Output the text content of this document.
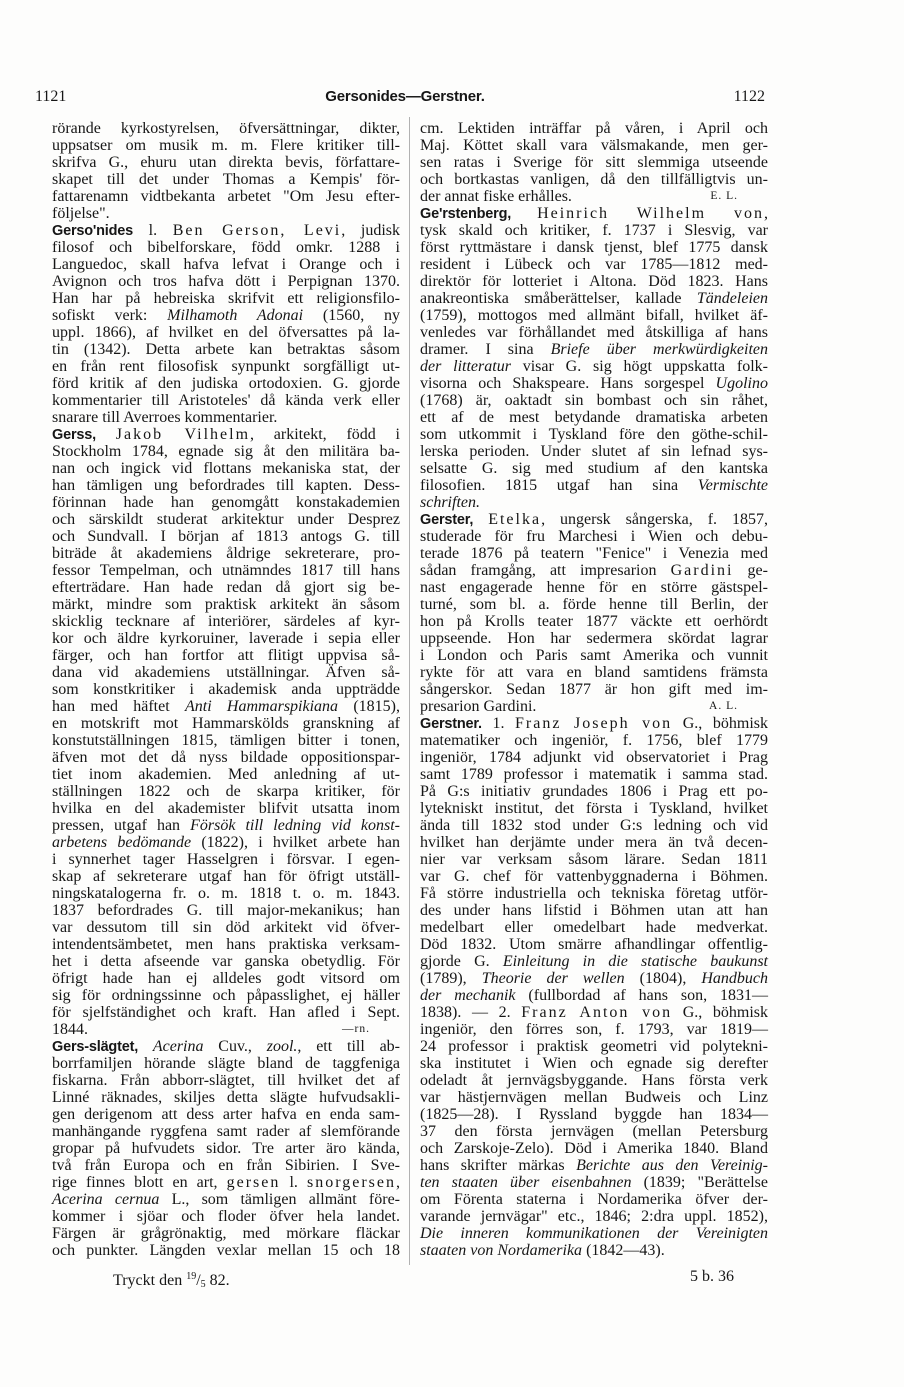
1121	Gersonides—Gerstner.	1122
rörande kyrkostyrelsen, öfversättningar, dikter,
uppsatser om musik m. m. Flere kritiker till-
skrifva G., ehuru utan direkta bevis, författare-
skapet till det under Thomas a Kempis' för-
fattarenamn vidtbekanta arbetet "Om Jesu efter-
följelse".
Gerso'nides l. Ben Gerson, Levi, judisk
filosof och bibelforskare, född omkr. 1288 i
Languedoc, skall hafva lefvat i Orange och i
Avignon och tros hafva dött i Perpignan 1370.
Han har på hebreiska skrifvit ett religionsfilo-
sofiskt verk: Milhamoth Adonai (1560, ny
uppl. 1866), af hvilket en del öfversattes på la-
tin (1342). Detta arbete kan betraktas såsom
en från rent filosofisk synpunkt sorgfälligt ut-
förd kritik af den judiska ortodoxien. G. gjorde
kommentarier till Aristoteles' då kända verk eller
snarare till Averroes kommentarier.
Gerss, Jakob Vilhelm, arkitekt, född i
Stockholm 1784, egnade sig åt den militära ba-
nan och ingick vid flottans mekaniska stat, der
han tämligen ung befordrades till kapten. Dess-
förinnan hade han genomgått konstakademien
och särskildt studerat arkitektur under Desprez
och Sundvall. I början af 1813 antogs G. till
biträde åt akademiens åldrige sekreterare, pro-
fessor Tempelman, och utnämndes 1817 till hans
efterträdare. Han hade redan då gjort sig be-
märkt, mindre som praktisk arkitekt än såsom
skicklig tecknare af interiörer, särdeles af kyr-
kor och äldre kyrkoruiner, laverade i sepia eller
färger, och han fortfor att flitigt uppvisa så-
dana vid akademiens utställningar. Äfven så-
som konstkritiker i akademisk anda uppträdde
han med häftet Anti Hammarspikiana (1815),
en motskrift mot Hammarskölds granskning af
konstutställningen 1815, tämligen bitter i tonen,
äfven mot det då nyss bildade oppositionspar-
tiet inom akademien. Med anledning af ut-
ställningen 1822 och de skarpa kritiker, för
hvilka en del akademister blifvit utsatta inom
pressen, utgaf han Försök till ledning vid konst-
arbetens bedömande (1822), i hvilket arbete han
i synnerhet tager Hasselgren i försvar. I egen-
skap af sekreterare utgaf han för öfrigt utställ-
ningskatalogerna fr. o. m. 1818 t. o. m. 1843.
1837 befordrades G. till major-mekanikus; han
var dessutom till sin död arkitekt vid öfver-
intendentsämbetet, men hans praktiska verksam-
het i detta afseende var ganska obetydlig. För
öfrigt hade han ej alldeles godt vitsord om
sig för ordningssinne och påpasslighet, ej häller
för sjelfständighet och kraft. Han afled i Sept.
1844.	—rn.
Gers-slägtet, Acerina Cuv., zool., ett till ab-
borrfamiljen hörande slägte bland de taggfeniga
fiskarna. Från abborr-slägtet, till hvilket det af
Linné räknades, skiljes detta slägte hufvudsakli-
gen derigenom att dess arter hafva en enda sam-
manhängande ryggfena samt rader af slemförande
gropar på hufvudets sidor. Tre arter äro kända,
två från Europa och en från Sibirien. I Sve-
rige finnes blott en art, gersen l. snorgersen,
Acerina cernua L., som tämligen allmänt före-
kommer i sjöar och floder öfver hela landet.
Färgen är grågrönaktig, med mörkare fläckar
och punkter. Längden vexlar mellan 15 och 18
cm. Lektiden inträffar på våren, i April och
Maj. Köttet skall vara välsmakande, men ger-
sen ratas i Sverige för sitt slemmiga utseende
och bortkastas vanligen, då den tillfälligtvis un-
der annat fiske erhålles.	E. L.
Ge'rstenberg, Heinrich Wilhelm von,
tysk skald och kritiker, f. 1737 i Slesvig, var
först ryttmästare i dansk tjenst, blef 1775 dansk
resident i Lübeck och var 1785—1812 med-
direktör för lotteriet i Altona. Död 1823. Hans
anakreontiska småberättelser, kallade Tändeleien
(1759), mottogos med allmänt bifall, hvilket äf-
venledes var förhållandet med åtskilliga af hans
dramer. I sina Briefe über merkwürdigkeiten
der litteratur visar G. sig högt uppskatta folk-
visorna och Shakspeare. Hans sorgespel Ugolino
(1768) är, oaktadt sin bombast och sin råhet,
ett af de mest betydande dramatiska arbeten
som utkommit i Tyskland före den göthe-schil-
lerska perioden. Under slutet af sin lefnad sys-
selsatte G. sig med studium af den kantska
filosofien. 1815 utgaf han sina Vermischte
schriften.
Gerster, Etelka, ungersk sångerska, f. 1857,
studerade för fru Marchesi i Wien och debu-
terade 1876 på teatern "Fenice" i Venezia med
sådan framgång, att impresarion Gardini ge-
nast engagerade henne för en större gästspel-
turné, som bl. a. förde henne till Berlin, der
hon på Krolls teater 1877 väckte ett oerhördt
uppseende. Hon har sedermera skördat lagrar
i London och Paris samt Amerika och vunnit
rykte för att vara en bland samtidens främsta
sångerskor. Sedan 1877 är hon gift med im-
presarion Gardini.	A. L.
Gerstner. 1. Franz Joseph von G., böhmisk
matematiker och ingeniör, f. 1756, blef 1779
ingeniör, 1784 adjunkt vid observatoriet i Prag
samt 1789 professor i matematik i samma stad.
På G:s initiativ grundades 1806 i Prag ett po-
lytekniskt institut, det första i Tyskland, hvilket
ända till 1832 stod under G:s ledning och vid
hvilket han derjämte under mera än två decen-
nier var verksam såsom lärare. Sedan 1811
var G. chef för vattenbyggnaderna i Böhmen.
Få större industriella och tekniska företag utför-
des under hans lifstid i Böhmen utan att han
medelbart eller omedelbart hade medverkat.
Död 1832. Utom smärre afhandlingar offentlig-
gjorde G. Einleitung in die statische baukunst
(1789), Theorie der wellen (1804), Handbuch
der mechanik (fullbordad af hans son, 1831—
1838). — 2. Franz Anton von G., böhmisk
ingeniör, den förres son, f. 1793, var 1819—
24 professor i praktisk geometri vid polytekni-
ska institutet i Wien och egnade sig derefter
odeladt åt jernvägsbyggande. Hans första verk
var hästjernvägen mellan Budweis och Linz
(1825—28). I Ryssland byggde han 1834—
37 den första jernvägen (mellan Petersburg
och Zarskoje-Zelo). Död i Amerika 1840. Bland
hans skrifter märkas Berichte aus den Vereinig-
ten staaten über eisenbahnen (1839; "Berättelse
om Förenta staterna i Nordamerika öfver der-
varande jernvägar" etc., 1846; 2:dra uppl. 1852),
Die inneren kommunikationen der Vereinigten
staaten von Nordamerika (1842—43).
Tryckt den $^{19}/_5$ 82.	5 b. 36
